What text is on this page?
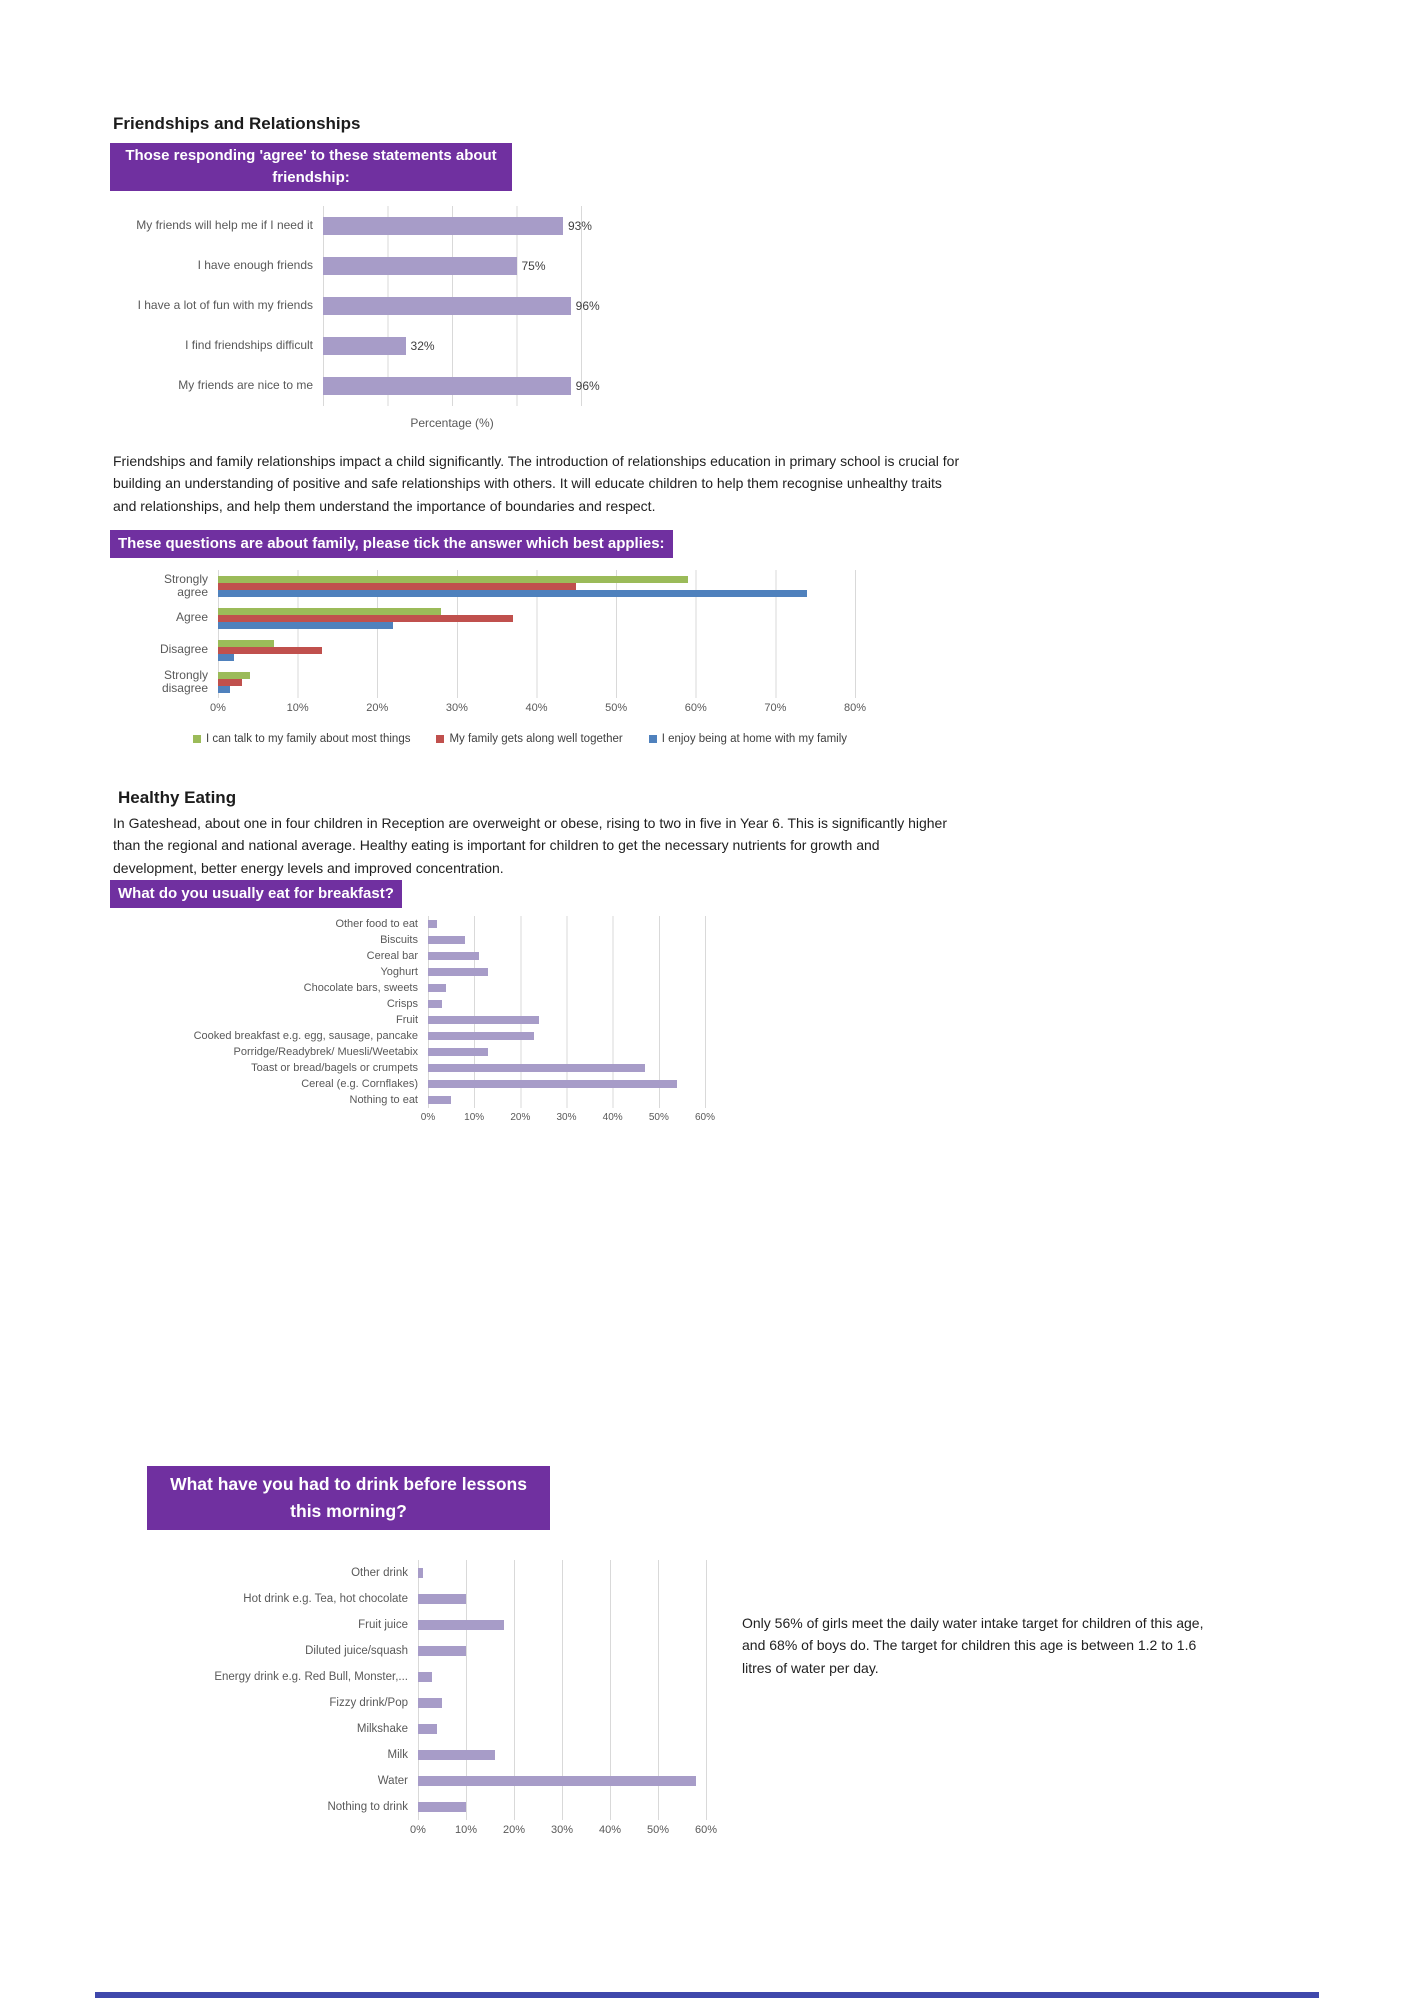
Friendships and Relationships
Those responding 'agree' to these statements about friendship:
My friends will help me if I need it	93%
I have enough friends	75%
I have a lot of fun with my friends	96%
I find friendships difficult	32%
My friends are nice to me	96%
Percentage (%)

Friendships and family relationships impact a child significantly. The introduction of relationships education in primary school is crucial for building an understanding of positive and safe relationships with others. It will educate children to help them recognise unhealthy traits and relationships, and help them understand the importance of boundaries and respect.

These questions are about family, please tick the answer which best applies:
Strongly agree
Agree
Disagree
Strongly disagree
0%	10%	20%	30%	40%	50%	60%	70%	80%
I can talk to my family about most things	My family gets along well together	I enjoy being at home with my family
Healthy Eating

In Gateshead, about one in four children in Reception are overweight or obese, rising to two in five in Year 6. This is significantly higher than the regional and national average. Healthy eating is important for children to get the necessary nutrients for growth and development, better energy levels and improved concentration.

What do you usually eat for breakfast?
Other food to eat
Biscuits
Cereal bar
Yoghurt
Chocolate bars, sweets
Crisps
Fruit
Cooked breakfast e.g. egg, sausage, pancake
Porridge/Readybrek/ Muesli/Weetabix
Toast or bread/bagels or crumpets
Cereal (e.g. Cornflakes)
Nothing to eat
0%	10%	20%	30%	40%	50%	60%
What have you had to drink before lessons this morning?
Other drink
Hot drink e.g. Tea, hot chocolate
Fruit juice
Diluted juice/squash
Energy drink e.g. Red Bull, Monster,...
Fizzy drink/Pop
Milkshake
Milk
Water
Nothing to drink
0%	10% 20% 30% 40% 50% 60%

Only 56% of girls meet the daily water intake target for children of this age, and 68% of boys do. The target for children this age is between 1.2 to 1.6 litres of water per day.
